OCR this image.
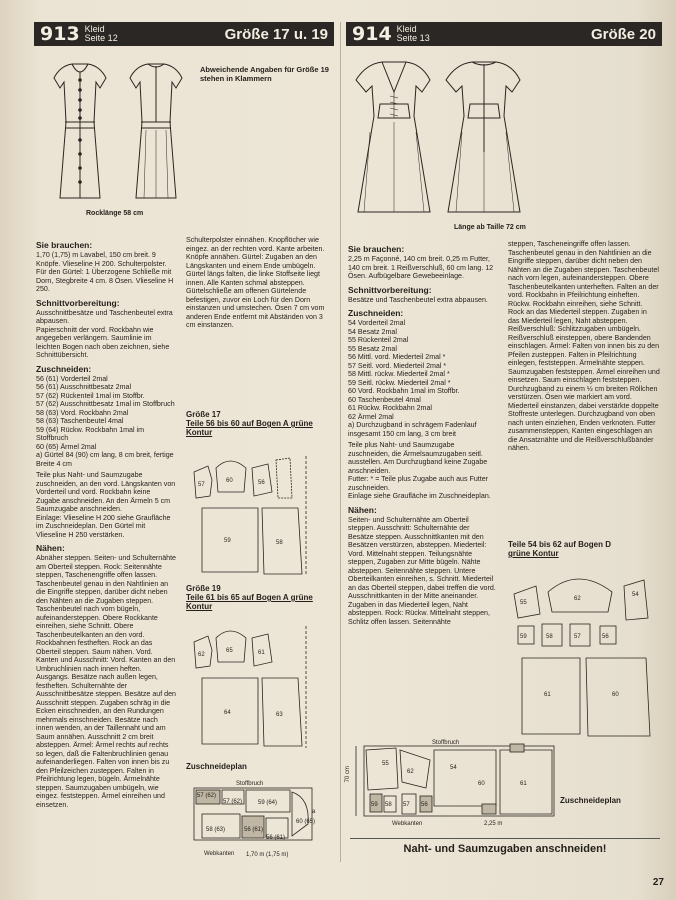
913 Kleid
Seite 12	Größe 17 u. 19
Abweichende Angaben für Größe 19 stehen in Klammern
Rocklänge 58 cm

Sie brauchen:

1,70 (1,75) m Lavabel, 150 cm breit. 9 Knöpfe. Vlieseline H 200. Schulterpolster. Für den Gürtel: 1 Überzogene Schließe mit Dorn, Stegbreite 4 cm. 8 Ösen. Vlieseline H 250.

Schnittvorbereitung:

Ausschnittbesätze und Taschenbeutel extra abpausen.

Papierschnitt der vord. Rockbahn wie angegeben verlängern. Saumlinie im leichten Bogen nach oben zeichnen, siehe Schnittübersicht.

Zuschneiden:

56 (61) Vorderteil 2mal

56 (61) Ausschnittbesatz 2mal

57 (62) Rückenteil 1mal im Stoffbr.

57 (62) Ausschnittbesatz 1mal im Stoffbruch

58 (63) Vord. Rockbahn 2mal

58 (63) Taschenbeutel 4mal

59 (64) Rückw. Rockbahn 1mal im Stoffbruch

60 (65) Ärmel 2mal

a) Gürtel 84 (90) cm lang, 8 cm breit, fertige Breite 4 cm

Teile plus Naht- und Saumzugabe zuschneiden, an den vord. Längskanten von Vorderteil und vord. Rockbahn keine Zugabe anschneiden. An den Ärmeln 5 cm Saumzugabe anschneiden.

Einlage: Vlieseline H 200 siehe Graufläche im Zuschneideplan. Den Gürtel mit Vlieseline H 250 verstärken.

Nähen:

Abnäher steppen. Seiten- und Schulternähte am Oberteil steppen. Rock: Seitennähte steppen, Taschenengriffe offen lassen. Taschenbeutel genau in den Nahtlinien an die Eingriffe steppen, darüber dicht neben den Nähten an die Zugaben steppen. Taschenbeutel nach vorn bügeln, aufeinandersteppen. Obere Rockkante einreihen, siehe Schnitt. Obere Taschenbeutelkanten an den vord. Rockbahnen festheften. Rock an das Oberteil steppen. Saum nähen. Vord. Kanten und Ausschnitt: Vord. Kanten an den Umbruchlinien nach innen heften. Ausgangs. Besätze nach außen legen, festheften. Schulternähte der Ausschnittbesätze steppen. Besätze auf den Ausschnitt steppen. Zugaben schräg in die Ecken einschneiden, an den Rundungen mehrmals einschneiden. Besätze nach innen wenden, an der Taillennaht und am Saum annähen. Ausschnitt 2 cm breit absteppen. Ärmel: Ärmel rechts auf rechts so legen, daß die Faltenbruchlinien genau aufeinanderliegen. Falten von innen bis zu den Pfeilzeichen zusteppen. Falten in Pfeilrichtung legen, bügeln. Ärmelnähte steppen. Saumzugaben umbügeln, wie eingez. feststeppen. Ärmel einreihen und einsetzen.

Schulterpolster einnähen. Knopflöcher wie eingez. an der rechten vord. Kante arbeiten. Knöpfe annähen. Gürtel: Zugaben an den Längskanten und einem Ende umbügeln. Gürtel längs falten, die linke Stoffseite liegt innen. Alle Kanten schmal absteppen. Gürtelschließe am offenen Gürtelende befestigen, zuvor ein Loch für den Dorn einstanzen und umstechen. Ösen 7 cm vom anderen Ende entfernt mit Abständen von 3 cm einstanzen.

Größe 17

Teile 56 bis 60 auf Bogen A grüne Kontur

57
60	56
59	58

Größe 19

Teile 61 bis 65 auf Bogen A grüne Kontur

62
65	61
64	63

Zuschneideplan

Stoffbruch
57 (62)
57 (62)	59 (64)
58 (63)	56 (61)
56 (61)
60 (65)
a
Webkanten 1,70 m (1,75 m)
914 Kleid
Seite 13	Größe 20
Länge ab Taille 72 cm

Sie brauchen:

2,25 m Façonné, 140 cm breit. 0,25 m Futter, 140 cm breit. 1 Reißverschluß, 60 cm lang. 12 Ösen. Aufbügelbare Gewebeeinlage.

Schnittvorbereitung:

Besätze und Taschenbeutel extra abpausen.

Zuschneiden:

54 Vorderteil 2mal

54 Besatz 2mal

55 Rückenteil 2mal

55 Besatz 2mal

56 Mittl. vord. Miederteil 2mal *

57 Seitl. vord. Miederteil 2mal *

58 Mittl. rückw. Miederteil 2mal *

59 Seitl. rückw. Miederteil 2mal *

60 Vord. Rockbahn 1mal im Stoffbr.

60 Taschenbeutel 4mal

61 Rückw. Rockbahn 2mal

62 Ärmel 2mal

a) Durchzugband in schrägem Fadenlauf insgesamt 150 cm lang, 3 cm breit

Teile plus Naht- und Saumzugabe zuschneiden, die Ärmelsaumzugaben seitl. ausstellen. Am Durchzugband keine Zugabe anschneiden.

Futter: * = Teile plus Zugabe auch aus Futter zuschneiden.

Einlage siehe Graufläche im Zuschneideplan.

Nähen:

Seiten- und Schulternähte am Oberteil steppen. Ausschnitt: Schulternähte der Besätze steppen. Ausschnittkanten mit den Besätzen verstürzen, absteppen. Miederteil: Vord. Mittelnaht steppen. Teilungsnähte steppen, Zugaben zur Mitte bügeln. Nähte absteppen. Seitennähte steppen. Untere Oberteilkanten einreihen, s. Schnitt. Miederteil an das Oberteil steppen, dabei treffen die vord. Ausschnittkanten in der Mitte aneinander. Zugaben in das Miederteil legen, Naht absteppen. Rock: Rückw. Mittelnaht steppen, Schlitz offen lassen. Seitennähte

steppen, Tascheneingriffe offen lassen. Taschenbeutel genau in den Nahtlinien an die Eingriffe steppen, darüber dicht neben den Nähten an die Zugaben steppen. Taschenbeutel nach vorn legen, aufeinandersteppen. Obere Taschenbeutelkanten unterheften. Falten an der vord. Rockbahn in Pfeilrichtung einheften. Rückw. Rockbahn einreihen, siehe Schnitt. Rock an das Miederteil steppen. Zugaben in das Miederteil legen, Naht absteppen. Reißverschluß: Schlitzzugaben umbügeln. Reißverschluß einsteppen, obere Bandenden einschlagen. Ärmel: Falten von innen bis zu den Pfeilen zusteppen. Falten in Pfeilrichtung einlegen, feststeppen. Ärmelnähte steppen. Saumzugaben feststeppen. Ärmel einreihen und einsetzen. Saum einschlagen feststeppen. Durchzugband zu einem ½ cm breiten Röllchen verstürzen. Ösen wie markiert am vord. Miederteil einstanzen, dabei verstärkte doppelte Stoffreste unterlegen. Durchzugband von oben nach unten einziehen, Enden verknoten. Futter zusammensteppen, Kanten eingeschlagen an die Ansatznähte und die Reißverschlußbänder nähen.

Teile 54 bis 62 auf Bogen D

grüne Kontur

55
62
54
59	58	57	56
61	60

Zuschneideplan

Stoffbruch
55
62
54
60	61
59 58 57 56
Webkanten	2,25 m
70 cm
Naht- und Saumzugaben anschneiden!
27
